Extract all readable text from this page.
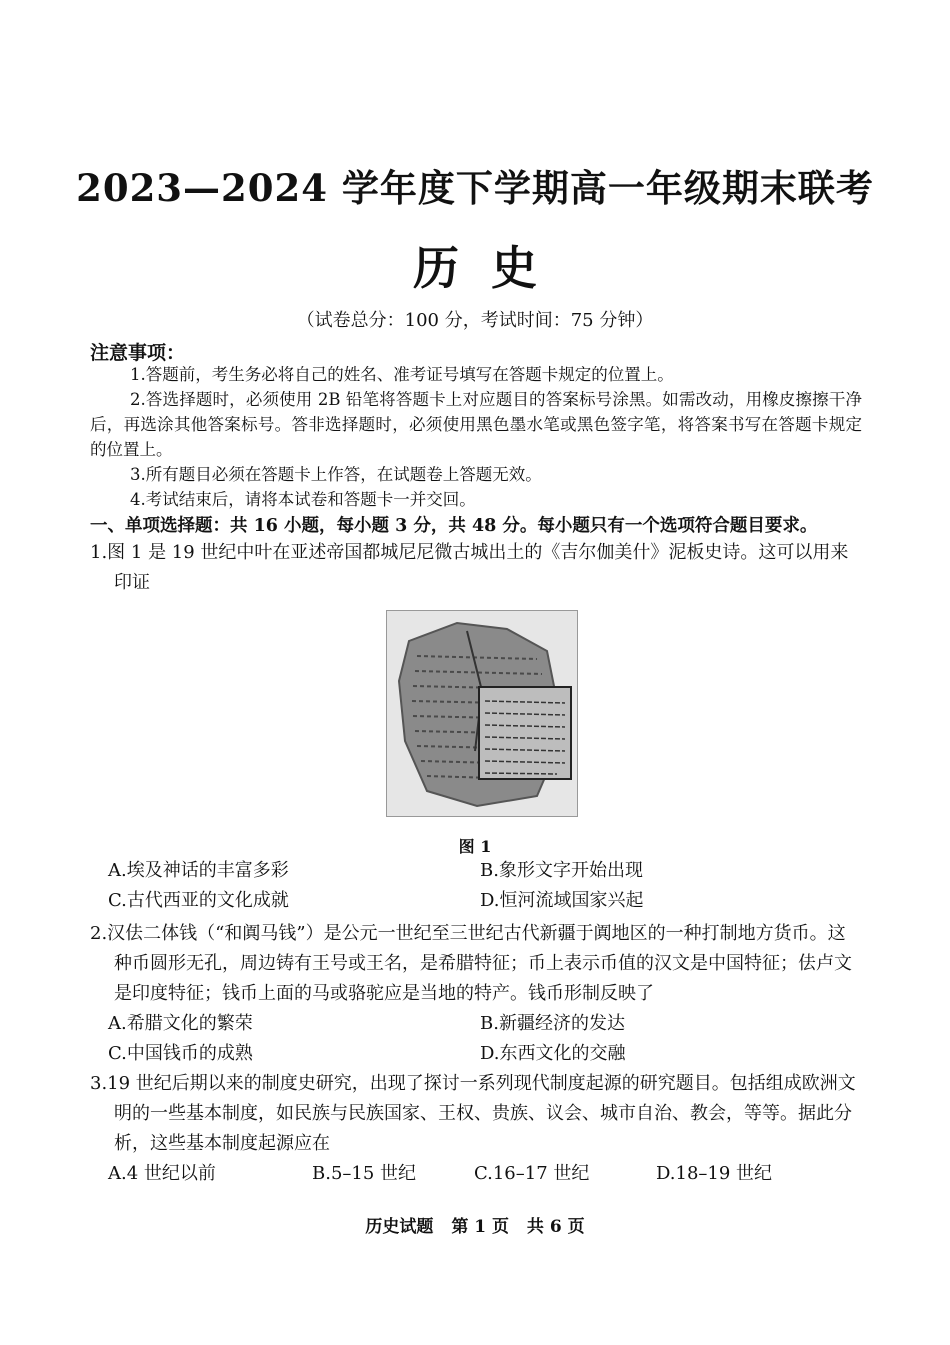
2023—2024 学年度下学期高一年级期末联考
历  史
（试卷总分：100 分，考试时间：75 分钟）
注意事项：

1.答题前，考生务必将自己的姓名、准考证号填写在答题卡规定的位置上。

2.答选择题时，必须使用 2B 铅笔将答题卡上对应题目的答案标号涂黑。如需改动，用橡皮擦擦干净后，再选涂其他答案标号。答非选择题时，必须使用黑色墨水笔或黑色签字笔，将答案书写在答题卡规定的位置上。

3.所有题目必须在答题卡上作答，在试题卷上答题无效。

4.考试结束后，请将本试卷和答题卡一并交回。

一、单项选择题：共 16 小题，每小题 3 分，共 48 分。每小题只有一个选项符合题目要求。

1.图 1 是 19 世纪中叶在亚述帝国都城尼尼微古城出土的《吉尔伽美什》泥板史诗。这可以用来印证

图 1
A.埃及神话的丰富多彩	B.象形文字开始出现
C.古代西亚的文化成就	D.恒河流域国家兴起

2.汉佉二体钱（“和阗马钱”）是公元一世纪至三世纪古代新疆于阗地区的一种打制地方货币。这种币圆形无孔，周边铸有王号或王名，是希腊特征；币上表示币值的汉文是中国特征；佉卢文是印度特征；钱币上面的马或骆驼应是当地的特产。钱币形制反映了

A.希腊文化的繁荣	B.新疆经济的发达
C.中国钱币的成熟	D.东西文化的交融

3.19 世纪后期以来的制度史研究，出现了探讨一系列现代制度起源的研究题目。包括组成欧洲文明的一些基本制度，如民族与民族国家、王权、贵族、议会、城市自治、教会，等等。据此分析，这些基本制度起源应在

A.4 世纪以前	B.5–15 世纪	C.16–17 世纪	D.18–19 世纪
历史试题 第 1 页 共 6 页
